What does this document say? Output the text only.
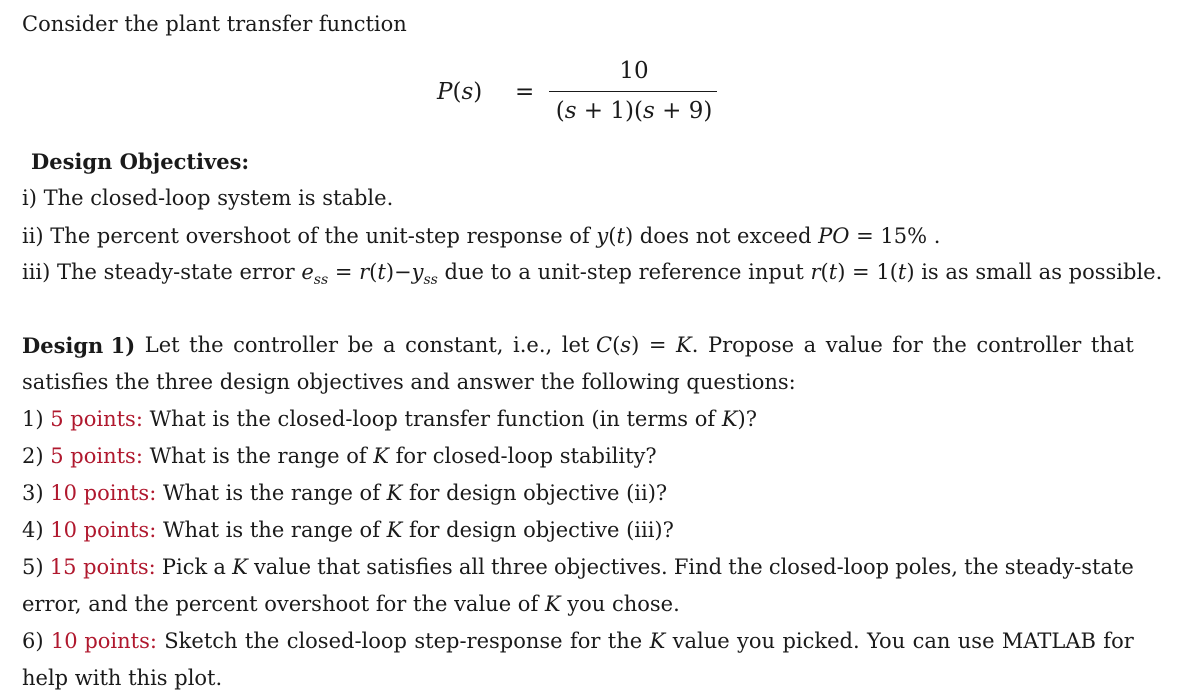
Consider the plant transfer function
P(s) =
10
(s + 1)(s + 9)
Design Objectives:
i) The closed-loop system is stable.
ii) The percent overshoot of the unit-step response of y(t) does not exceed PO = 15% .
iii) The steady-state error $e_{ss} = r(t)-y_{ss}$ due to a unit-step reference input r(t) = 1(t) is as small as possible.
Design 1) Let the controller be a constant, i.e., let C(s) = K. Propose a value for the controller that
satisfies the three design objectives and answer the following questions:
1) 5 points: What is the closed-loop transfer function (in terms of K)?
2) 5 points: What is the range of K for closed-loop stability?
3) 10 points: What is the range of K for design objective (ii)?
4) 10 points: What is the range of K for design objective (iii)?
5) 15 points: Pick a K value that satisfies all three objectives. Find the closed-loop poles, the steady-state
error, and the percent overshoot for the value of K you chose.
6) 10 points: Sketch the closed-loop step-response for the K value you picked. You can use MATLAB for
help with this plot.
